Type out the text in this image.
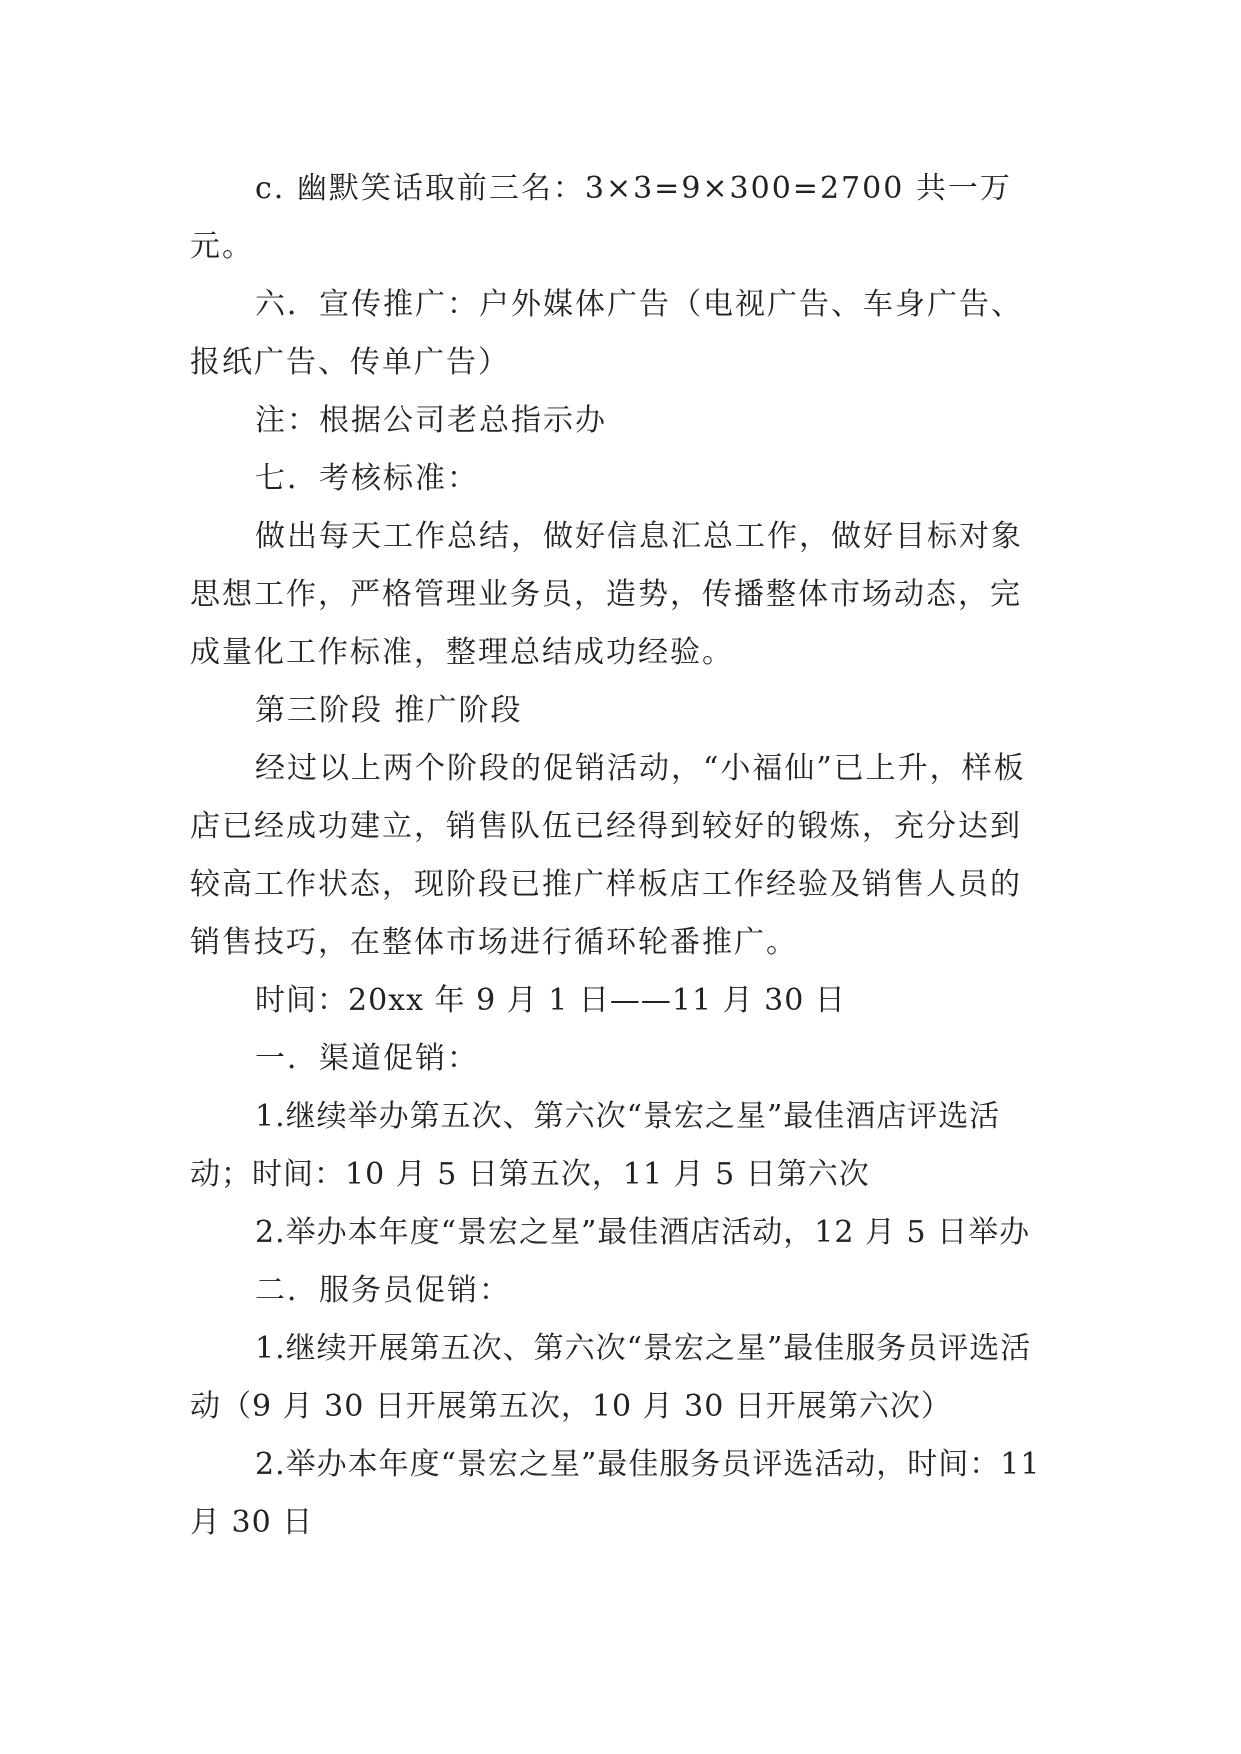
c. 幽默笑话取前三名：3×3=9×300=2700 共一万元。

六．宣传推广：户外媒体广告（电视广告、车身广告、报纸广告、传单广告）

注：根据公司老总指示办

七．考核标准：

做出每天工作总结，做好信息汇总工作，做好目标对象思想工作，严格管理业务员，造势，传播整体市场动态，完成量化工作标准，整理总结成功经验。

第三阶段 推广阶段

经过以上两个阶段的促销活动，“小福仙”已上升，样板店已经成功建立，销售队伍已经得到较好的锻炼，充分达到较高工作状态，现阶段已推广样板店工作经验及销售人员的销售技巧，在整体市场进行循环轮番推广。

时间：20xx 年 9 月 1 日——11 月 30 日

一．渠道促销：

1.继续举办第五次、第六次“景宏之星”最佳酒店评选活动；时间：10 月 5 日第五次，11 月 5 日第六次

2.举办本年度“景宏之星”最佳酒店活动，12 月 5 日举办

二．服务员促销：

1.继续开展第五次、第六次“景宏之星”最佳服务员评选活动（9 月 30 日开展第五次，10 月 30 日开展第六次）

2.举办本年度“景宏之星”最佳服务员评选活动，时间：11 月 30 日
